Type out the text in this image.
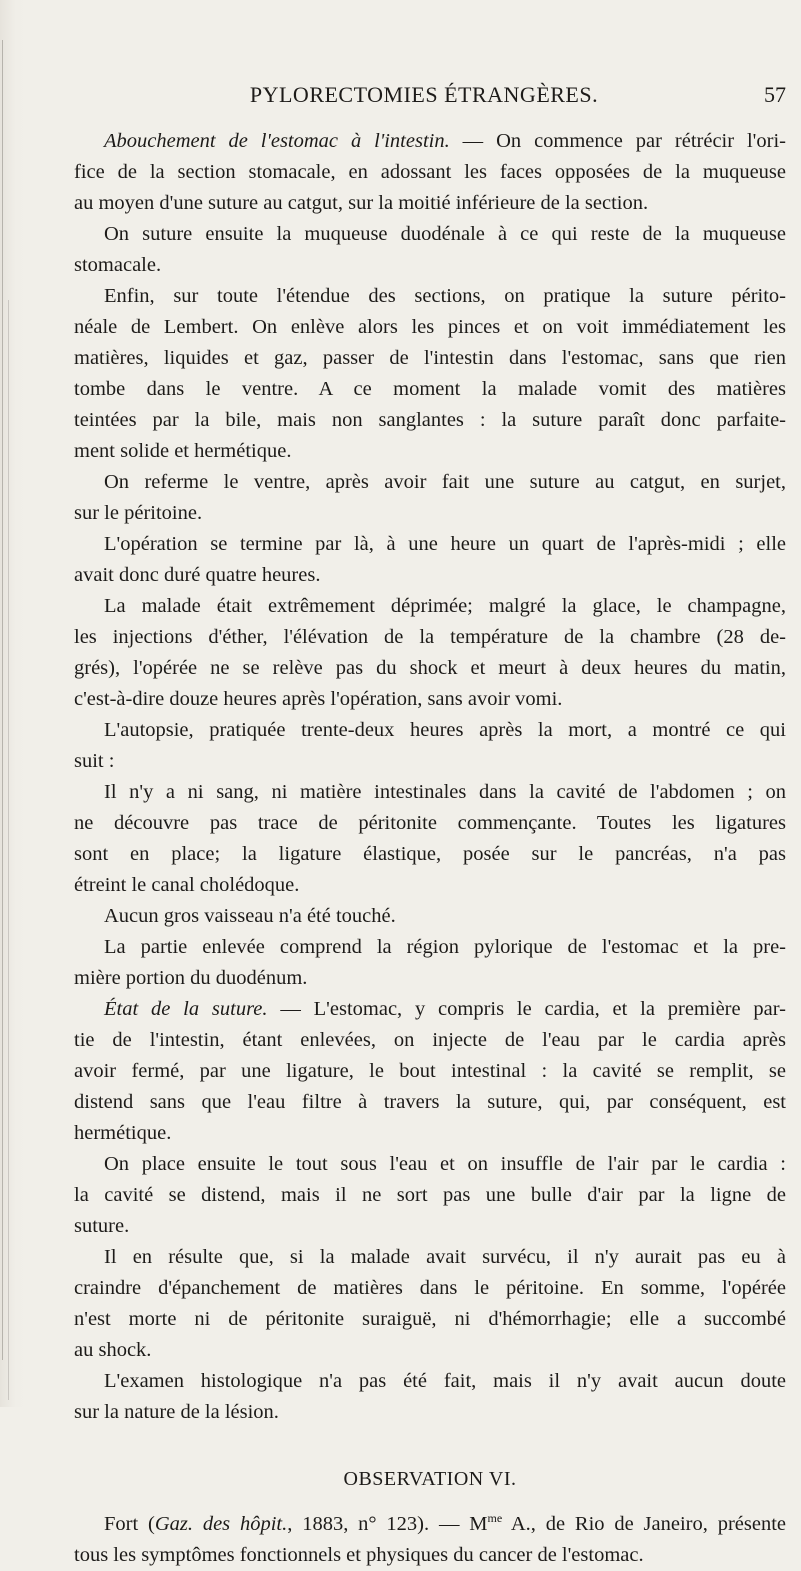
PYLORECTOMIES ÉTRANGÈRES.	57
Abouchement de l'estomac à l'intestin. — On commence par rétrécir l'ori-
fice de la section stomacale, en adossant les faces opposées de la muqueuse
au moyen d'une suture au catgut, sur la moitié inférieure de la section.
On suture ensuite la muqueuse duodénale à ce qui reste de la muqueuse
stomacale.
Enfin, sur toute l'étendue des sections, on pratique la suture périto-
néale de Lembert. On enlève alors les pinces et on voit immédiatement les
matières, liquides et gaz, passer de l'intestin dans l'estomac, sans que rien
tombe dans le ventre. A ce moment la malade vomit des matières
teintées par la bile, mais non sanglantes : la suture paraît donc parfaite-
ment solide et hermétique.
On referme le ventre, après avoir fait une suture au catgut, en surjet,
sur le péritoine.
L'opération se termine par là, à une heure un quart de l'après-midi ; elle
avait donc duré quatre heures.
La malade était extrêmement déprimée; malgré la glace, le champagne,
les injections d'éther, l'élévation de la température de la chambre (28 de-
grés), l'opérée ne se relève pas du shock et meurt à deux heures du matin,
c'est-à-dire douze heures après l'opération, sans avoir vomi.
L'autopsie, pratiquée trente-deux heures après la mort, a montré ce qui
suit :
Il n'y a ni sang, ni matière intestinales dans la cavité de l'abdomen ; on
ne découvre pas trace de péritonite commençante. Toutes les ligatures
sont en place; la ligature élastique, posée sur le pancréas, n'a pas
étreint le canal cholédoque.
Aucun gros vaisseau n'a été touché.
La partie enlevée comprend la région pylorique de l'estomac et la pre-
mière portion du duodénum.
État de la suture. — L'estomac, y compris le cardia, et la première par-
tie de l'intestin, étant enlevées, on injecte de l'eau par le cardia après
avoir fermé, par une ligature, le bout intestinal : la cavité se remplit, se
distend sans que l'eau filtre à travers la suture, qui, par conséquent, est
hermétique.
On place ensuite le tout sous l'eau et on insuffle de l'air par le cardia :
la cavité se distend, mais il ne sort pas une bulle d'air par la ligne de
suture.
Il en résulte que, si la malade avait survécu, il n'y aurait pas eu à
craindre d'épanchement de matières dans le péritoine. En somme, l'opérée
n'est morte ni de péritonite suraiguë, ni d'hémorrhagie; elle a succombé
au shock.
L'examen histologique n'a pas été fait, mais il n'y avait aucun doute
sur la nature de la lésion.
OBSERVATION VI.
Fort (Gaz. des hôpit., 1883, n° 123). — $M^{me}$ A., de Rio de Janeiro, présente
tous les symptômes fonctionnels et physiques du cancer de l'estomac.
